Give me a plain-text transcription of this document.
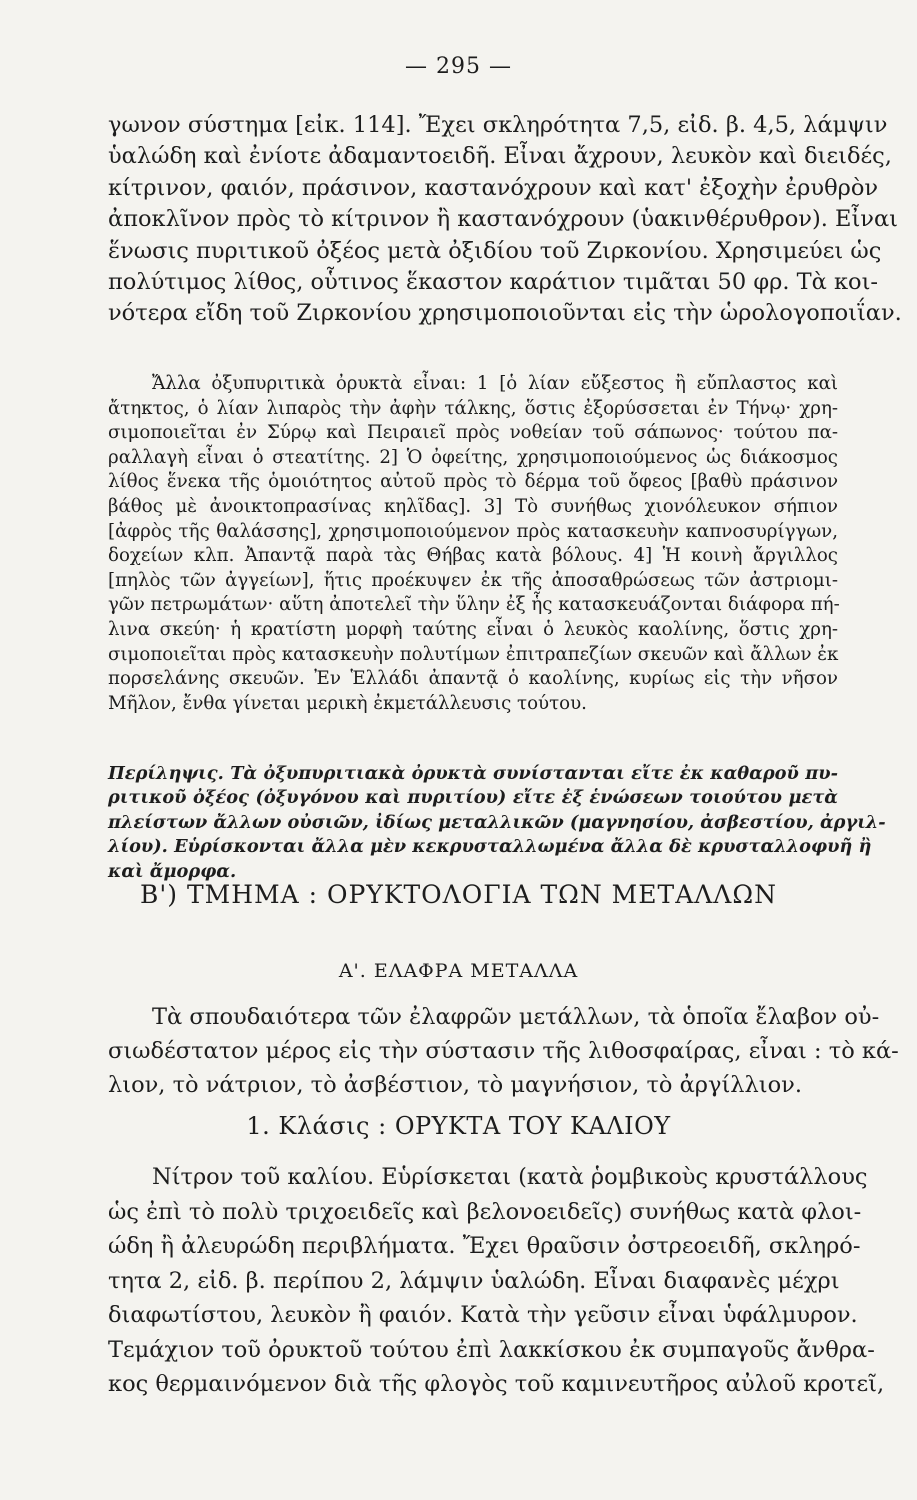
— 295 —
γωνον σύστημα [εἰκ. 114]. Ἔχει σκληρότητα 7,5, εἰδ. β. 4,5, λάμψιν
ὑαλώδη καὶ ἐνίοτε ἀδαμαντοειδῆ. Εἶναι ἄχρουν, λευκὸν καὶ διειδές,
κίτρινον, φαιόν, πράσινον, καστανόχρουν καὶ κατ' ἐξοχὴν ἐρυθρὸν
ἀποκλῖνον πρὸς τὸ κίτρινον ἢ καστανόχρουν (ὑακινθέρυθρον). Εἶναι
ἕνωσις πυριτικοῦ ὀξέος μετὰ ὀξιδίου τοῦ Ζιρκονίου. Χρησιμεύει ὡς
πολύτιμος λίθος, οὗτινος ἕκαστον καράτιον τιμᾶται 50 φρ. Τὰ κοι-
νότερα εἴδη τοῦ Ζιρκονίου χρησιμοποιοῦνται εἰς τὴν ὡρολογοποιΐαν.
Ἄλλα ὀξυπυριτικὰ ὀρυκτὰ εἶναι: 1 [ὁ λίαν εὔξεστος ἢ εὔπλαστος καὶ
ἄτηκτος, ὁ λίαν λιπαρὸς τὴν ἀφὴν τάλκης, ὅστις ἐξορύσσεται ἐν Τήνῳ· χρη-
σιμοποιεῖται ἐν Σύρῳ καὶ Πειραιεῖ πρὸς νοθείαν τοῦ σάπωνος· τούτου πα-
ραλλαγὴ εἶναι ὁ στεατίτης. 2] Ὁ ὀφείτης, χρησιμοποιούμενος ὡς διάκοσμος
λίθος ἕνεκα τῆς ὁμοιότητος αὐτοῦ πρὸς τὸ δέρμα τοῦ ὄφεος [βαθὺ πράσινον
βάθος μὲ ἀνοικτοπρασίνας κηλῖδας]. 3] Τὸ συνήθως χιονόλευκον σήπιον
[ἀφρὸς τῆς θαλάσσης], χρησιμοποιούμενον πρὸς κατασκευὴν καπνοσυρίγγων,
δοχείων κλπ. Ἀπαντᾷ παρὰ τὰς Θήβας κατὰ βόλους. 4] Ἡ κοινὴ ἄργιλλος
[πηλὸς τῶν ἀγγείων], ἥτις προέκυψεν ἐκ τῆς ἀποσαθρώσεως τῶν ἀστριομι-
γῶν πετρωμάτων· αὕτη ἀποτελεῖ τὴν ὕλην ἐξ ἧς κατασκευάζονται διάφορα πή-
λινα σκεύη· ἡ κρατίστη μορφὴ ταύτης εἶναι ὁ λευκὸς καολίνης, ὅστις χρη-
σιμοποιεῖται πρὸς κατασκευὴν πολυτίμων ἐπιτραπεζίων σκευῶν καὶ ἄλλων ἐκ
πορσελάνης σκευῶν. Ἐν Ἑλλάδι ἀπαντᾷ ὁ καολίνης, κυρίως εἰς τὴν νῆσον
Μῆλον, ἔνθα γίνεται μερικὴ ἐκμετάλλευσις τούτου.
Περίληψις. Τὰ ὀξυπυριτιακὰ ὀρυκτὰ συνίστανται εἴτε ἐκ καθαροῦ πυ-
ριτικοῦ ὀξέος (ὀξυγόνου καὶ πυριτίου) εἴτε ἐξ ἑνώσεων τοιούτου μετὰ
πλείστων ἄλλων οὐσιῶν, ἰδίως μεταλλικῶν (μαγνησίου, ἀσβεστίου, ἀργιλ-
λίου). Εὑρίσκονται ἄλλα μὲν κεκρυσταλλωμένα ἄλλα δὲ κρυσταλλοφυῆ ἢ
καὶ ἄμορφα.
Β') ΤΜΗΜΑ : ΟΡΥΚΤΟΛΟΓΙΑ ΤΩΝ ΜΕΤΑΛΛΩΝ
Α'. ΕΛΑΦΡΑ ΜΕΤΑΛΛΑ
Τὰ σπουδαιότερα τῶν ἐλαφρῶν μετάλλων, τὰ ὁποῖα ἔλαβον οὐ-
σιωδέστατον μέρος εἰς τὴν σύστασιν τῆς λιθοσφαίρας, εἶναι : τὸ κά-
λιον, τὸ νάτριον, τὸ ἀσβέστιον, τὸ μαγνήσιον, τὸ ἀργίλλιον.
1. Κλάσις : ΟΡΥΚΤΑ ΤΟΥ ΚΑΛΙΟΥ
Νίτρον τοῦ καλίου. Εὑρίσκεται (κατὰ ῥομβικοὺς κρυστάλλους
ὡς ἐπὶ τὸ πολὺ τριχοειδεῖς καὶ βελονοειδεῖς) συνήθως κατὰ φλοι-
ώδη ἢ ἀλευρώδη περιβλήματα. Ἔχει θραῦσιν ὀστρεοειδῆ, σκληρό-
τητα 2, εἰδ. β. περίπου 2, λάμψιν ὑαλώδη. Εἶναι διαφανὲς μέχρι
διαφωτίστου, λευκὸν ἢ φαιόν. Κατὰ τὴν γεῦσιν εἶναι ὑφάλμυρον.
Τεμάχιον τοῦ ὀρυκτοῦ τούτου ἐπὶ λακκίσκου ἐκ συμπαγοῦς ἄνθρα-
κος θερμαινόμενον διὰ τῆς φλογὸς τοῦ καμινευτῆρος αὐλοῦ κροτεῖ,
